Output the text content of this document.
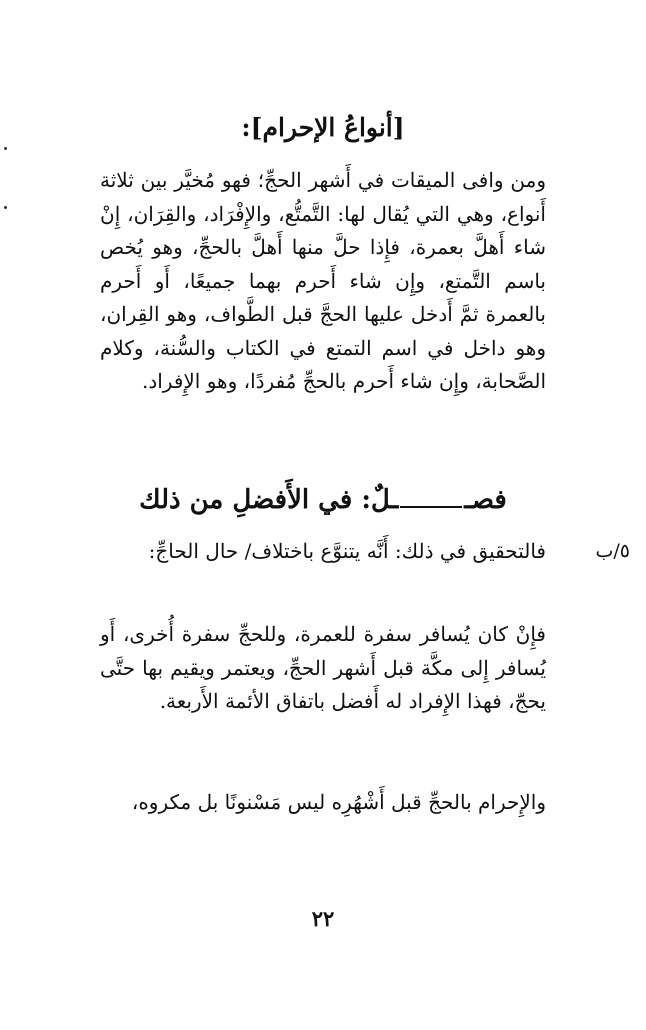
[أنواعُ الإحرام]:

ومن وافى الميقات في أَشهر الحجِّ؛ فهو مُخيَّر بين ثلاثة أَنواع، وهي التي يُقال لها: التَّمتُّع، والإِفْرَاد، والقِرَان، إِنْ شاء أَهلَّ بعمرة، فإِذا حلَّ منها أَهلَّ بالحجِّ، وهو يُخص باسم التَّمتع، وإِن شاء أَحرم بهما جميعًا، أَو أَحرم بالعمرة ثمَّ أَدخل عليها الحجَّ قبل الطَّواف، وهو القِران، وهو داخل في اسم التمتع في الكتاب والسُّنة، وكلام الصَّحابة، وإِن شاء أَحرم بالحجِّ مُفردًا، وهو الإِفراد.

فصــلٌ: في الأَفضلِ من ذلك
٥/ب

فالتحقيق في ذلك: أَنَّه يتنوَّع باختلاف/ حال الحاجِّ:

فإِنْ كان يُسافر سفرة للعمرة، وللحجِّ سفرة أُخرى، أَو يُسافر إِلى مكَّة قبل أَشهر الحجِّ، ويعتمر ويقيم بها حتَّى يحجّ، فهذا الإِفراد له أَفضل باتفاق الأئمة الأَربعة.

والإِحرام بالحجِّ قبل أَشْهُرِه ليس مَسْنونًا بل مكروه،

٢٢
